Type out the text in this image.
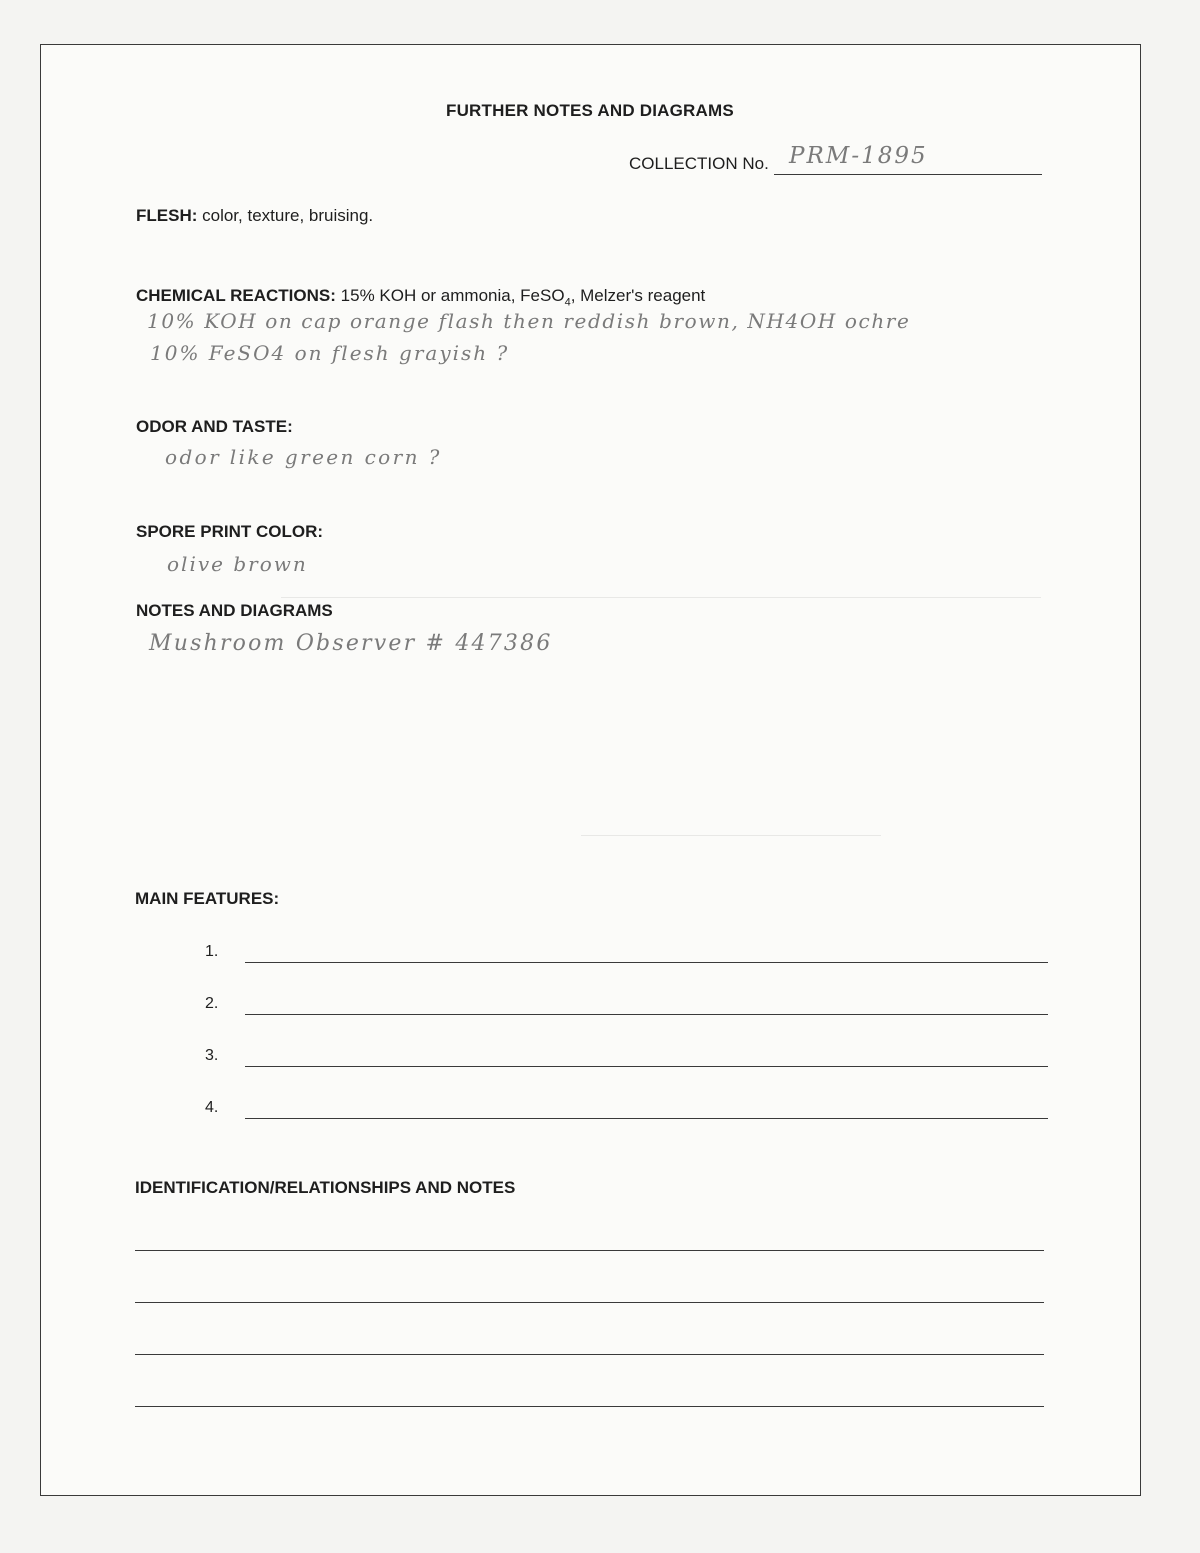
FURTHER NOTES AND DIAGRAMS
COLLECTION No. PRM-1895
FLESH: color, texture, bruising.
CHEMICAL REACTIONS: 15% KOH or ammonia, FeSO$_4$, Melzer's reagent
10% KOH on cap orange flash then reddish brown, NH4OH ochre
10% FeSO4 on flesh grayish ?
ODOR AND TASTE:
odor like green corn ?
SPORE PRINT COLOR:
olive brown
NOTES AND DIAGRAMS
Mushroom Observer # 447386
MAIN FEATURES:
1.
2.
3.
4.
IDENTIFICATION/RELATIONSHIPS AND NOTES
